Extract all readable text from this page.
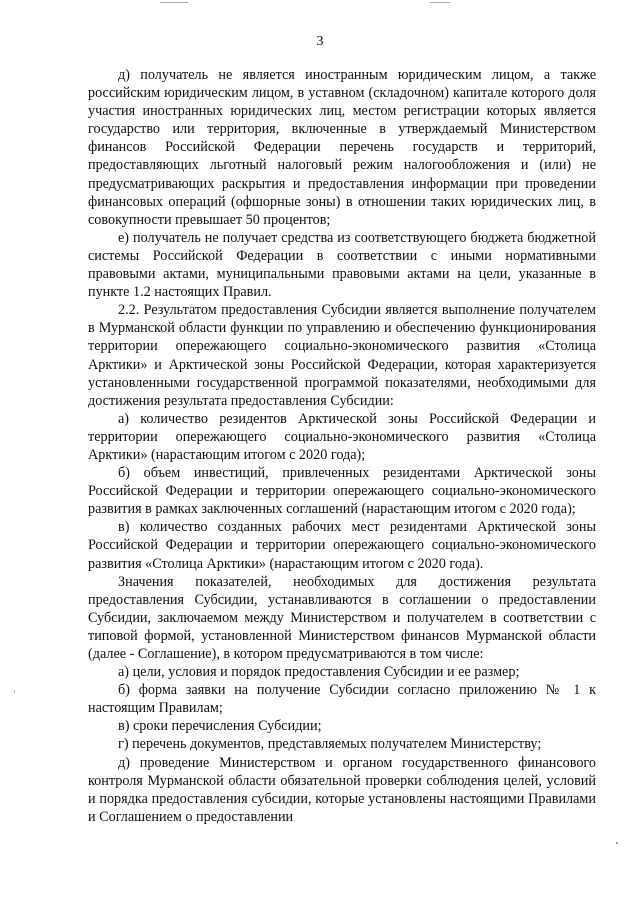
3

д) получатель не является иностранным юридическим лицом, а также российским юридическим лицом, в уставном (складочном) капитале которого доля участия иностранных юридических лиц, местом регистрации которых является государство или территория, включенные в утверждаемый Министерством финансов Российской Федерации перечень государств и территорий, предоставляющих льготный налоговый режим налогообложения и (или) не предусматривающих раскрытия и предоставления информации при проведении финансовых операций (офшорные зоны) в отношении таких юридических лиц, в совокупности превышает 50 процентов;

е) получатель не получает средства из соответствующего бюджета бюджетной системы Российской Федерации в соответствии с иными нормативными правовыми актами, муниципальными правовыми актами на цели, указанные в пункте 1.2 настоящих Правил.

2.2. Результатом предоставления Субсидии является выполнение получателем в Мурманской области функции по управлению и обеспечению функционирования территории опережающего социально-экономического развития «Столица Арктики» и Арктической зоны Российской Федерации, которая характеризуется установленными государственной программой показателями, необходимыми для достижения результата предоставления Субсидии:

а) количество резидентов Арктической зоны Российской Федерации и территории опережающего социально-экономического развития «Столица Арктики» (нарастающим итогом с 2020 года);

б) объем инвестиций, привлеченных резидентами Арктической зоны Российской Федерации и территории опережающего социально-экономического развития в рамках заключенных соглашений (нарастающим итогом с 2020 года);

в) количество созданных рабочих мест резидентами Арктической зоны Российской Федерации и территории опережающего социально-экономического развития «Столица Арктики» (нарастающим итогом с 2020 года).

Значения показателей, необходимых для достижения результата предоставления Субсидии, устанавливаются в соглашении о предоставлении Субсидии, заключаемом между Министерством и получателем в соответствии с типовой формой, установленной Министерством финансов Мурманской области (далее - Соглашение), в котором предусматриваются в том числе:

а) цели, условия и порядок предоставления Субсидии и ее размер;

б) форма заявки на получение Субсидии согласно приложению № 1 к настоящим Правилам;

в) сроки перечисления Субсидии;

г) перечень документов, представляемых получателем Министерству;

д) проведение Министерством и органом государственного финансового контроля Мурманской области обязательной проверки соблюдения целей, условий и порядка предоставления субсидии, которые установлены настоящими Правилами и Соглашением о предоставлении
